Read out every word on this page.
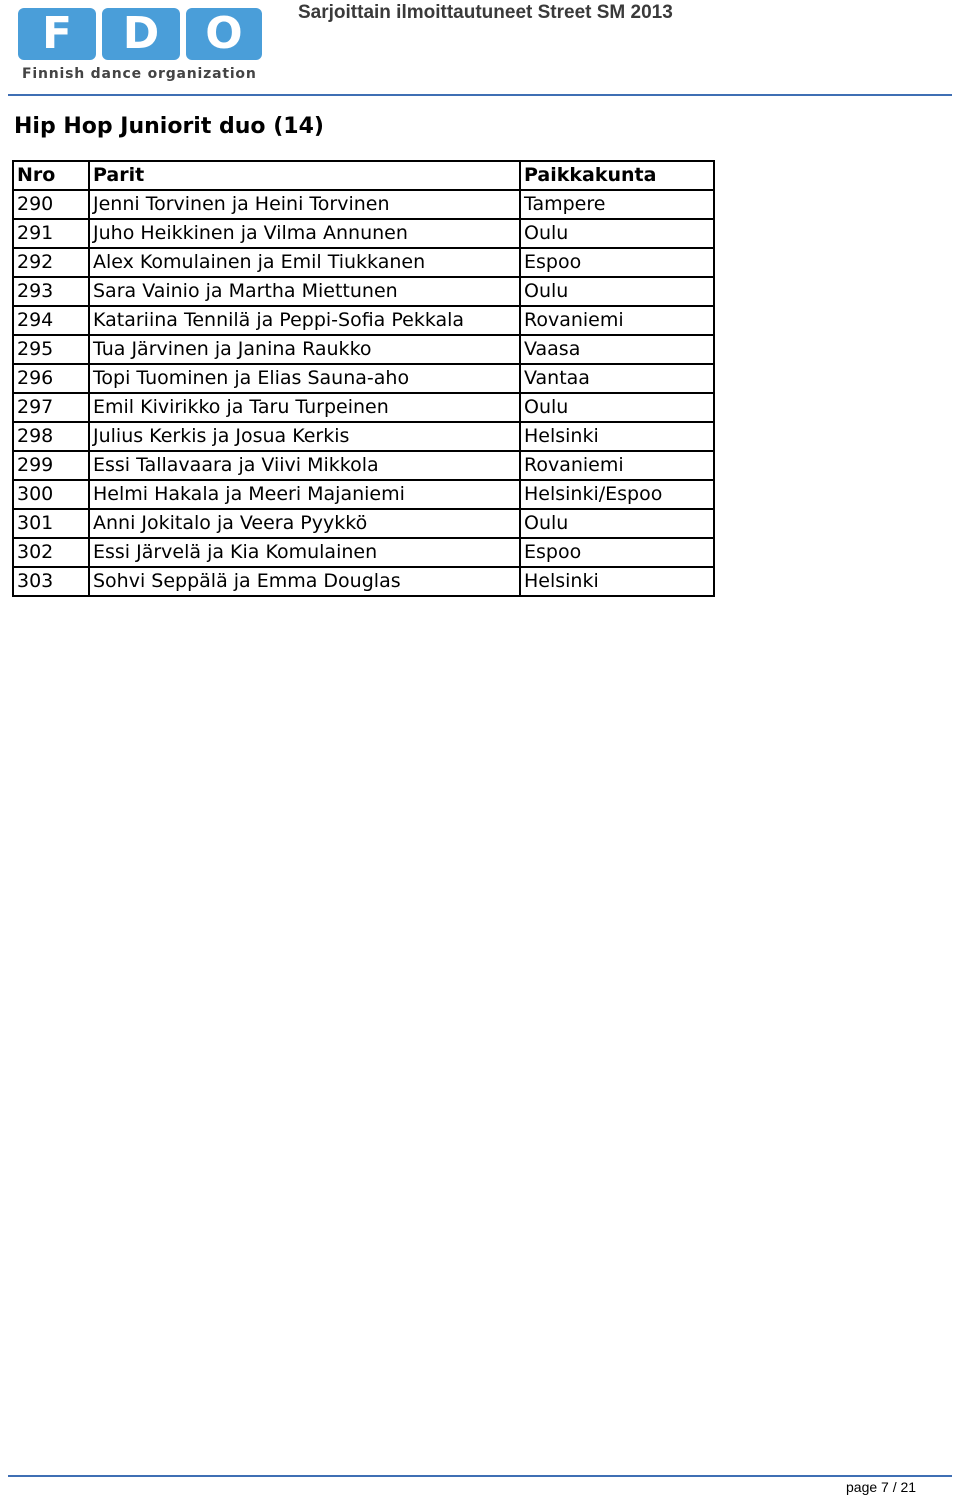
F	D	O
Finnish dance organization
Sarjoittain ilmoittautuneet Street SM 2013
Hip Hop Juniorit duo (14)
Nro	Parit	Paikkakunta
290	Jenni Torvinen ja Heini Torvinen	Tampere
291	Juho Heikkinen ja Vilma Annunen	Oulu
292	Alex Komulainen ja Emil Tiukkanen	Espoo
293	Sara Vainio ja Martha Miettunen	Oulu
294	Katariina Tennilä ja Peppi-Sofia Pekkala	Rovaniemi
295	Tua Järvinen ja Janina Raukko	Vaasa
296	Topi Tuominen ja Elias Sauna-aho	Vantaa
297	Emil Kivirikko ja Taru Turpeinen	Oulu
298	Julius Kerkis ja Josua Kerkis	Helsinki
299	Essi Tallavaara ja Viivi Mikkola	Rovaniemi
300	Helmi Hakala ja Meeri Majaniemi	Helsinki/Espoo
301	Anni Jokitalo ja Veera Pyykkö	Oulu
302	Essi Järvelä ja Kia Komulainen	Espoo
303	Sohvi Seppälä ja Emma Douglas	Helsinki
page 7 / 21
